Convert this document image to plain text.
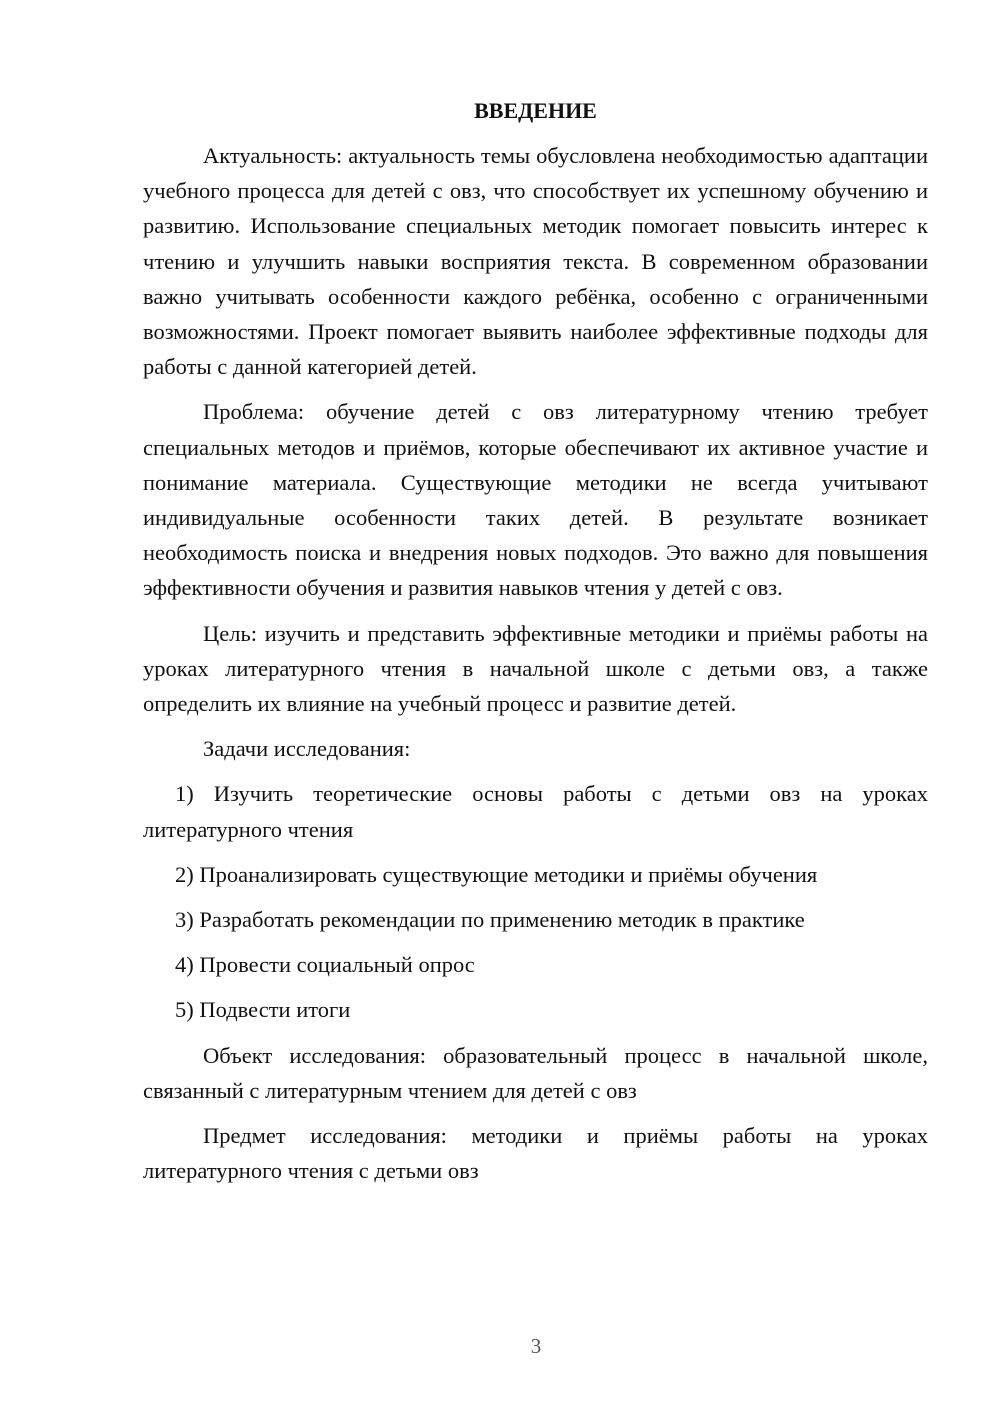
ВВЕДЕНИЕ

Актуальность: актуальность темы обусловлена необходимостью адаптации учебного процесса для детей с овз, что способствует их успешному обучению и развитию. Использование специальных методик помогает повысить интерес к чтению и улучшить навыки восприятия текста. В современном образовании важно учитывать особенности каждого ребёнка, особенно с ограниченными возможностями. Проект помогает выявить наиболее эффективные подходы для работы с данной категорией детей.

Проблема: обучение детей с овз литературному чтению требует специальных методов и приёмов, которые обеспечивают их активное участие и понимание материала. Существующие методики не всегда учитывают индивидуальные особенности таких детей. В результате возникает необходимость поиска и внедрения новых подходов. Это важно для повышения эффективности обучения и развития навыков чтения у детей с овз.

Цель: изучить и представить эффективные методики и приёмы работы на уроках литературного чтения в начальной школе с детьми овз, а также определить их влияние на учебный процесс и развитие детей.

Задачи исследования:

1) Изучить теоретические основы работы с детьми овз на уроках литературного чтения

2) Проанализировать существующие методики и приёмы обучения

3) Разработать рекомендации по применению методик в практике

4) Провести социальный опрос

5) Подвести итоги

Объект исследования: образовательный процесс в начальной школе, связанный с литературным чтением для детей с овз

Предмет исследования: методики и приёмы работы на уроках литературного чтения с детьми овз

3
